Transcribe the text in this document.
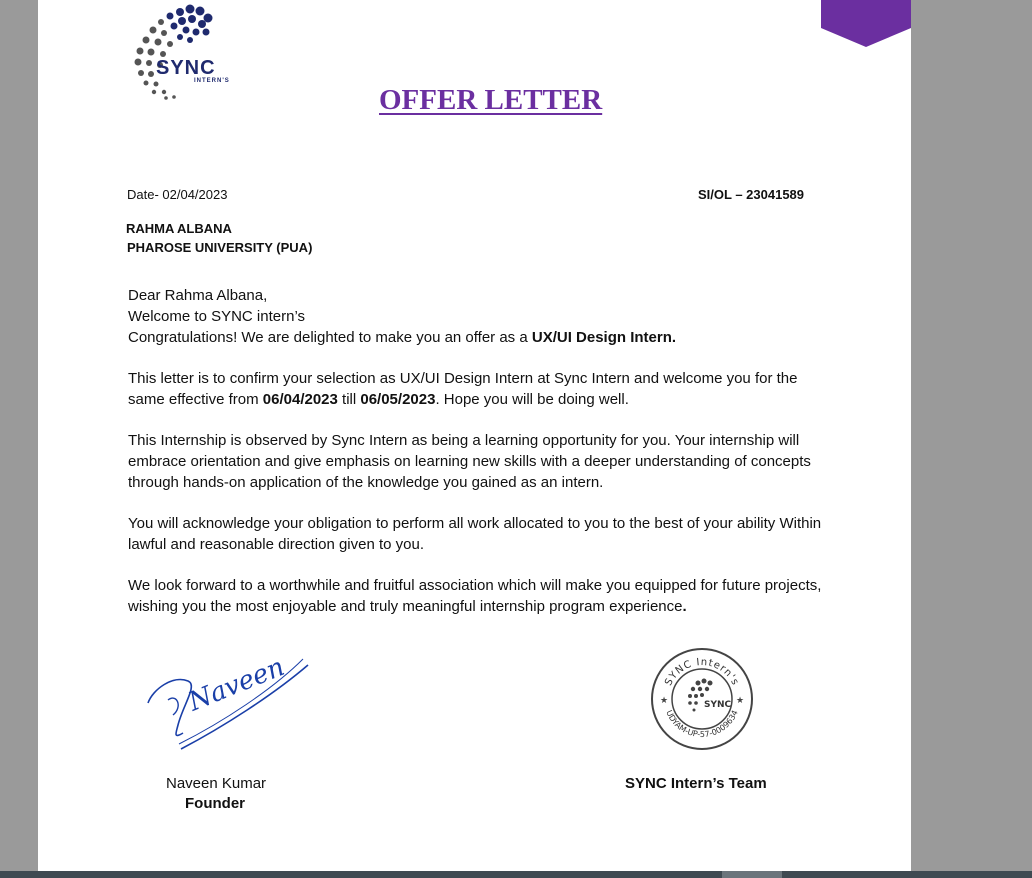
SYNC
INTERN'S
OFFER LETTER
Date- 02/04/2023	SI/OL – 23041589
RAHMA ALBANA
PHAROSE UNIVERSITY (PUA)

Dear Rahma Albana,
Welcome to SYNC intern’s
Congratulations! We are delighted to make you an offer as a UX/UI Design Intern.

This letter is to confirm your selection as UX/UI Design Intern at Sync Intern and welcome you for the same effective from 06/04/2023 till 06/05/2023. Hope you will be doing well.

This Internship is observed by Sync Intern as being a learning opportunity for you. Your internship will embrace orientation and give emphasis on learning new skills with a deeper understanding of concepts through hands-on application of the knowledge you gained as an intern.

You will acknowledge your obligation to perform all work allocated to you to the best of your ability Within lawful and reasonable direction given to you.

We look forward to a worthwhile and fruitful association which will make you equipped for future projects, wishing you the most enjoyable and truly meaningful internship program experience.

Naveen
Naveen Kumar
Founder
SYNC Intern's
UDYAM-UP-57-0009634
★	★
SYNC
SYNC Intern’s Team
